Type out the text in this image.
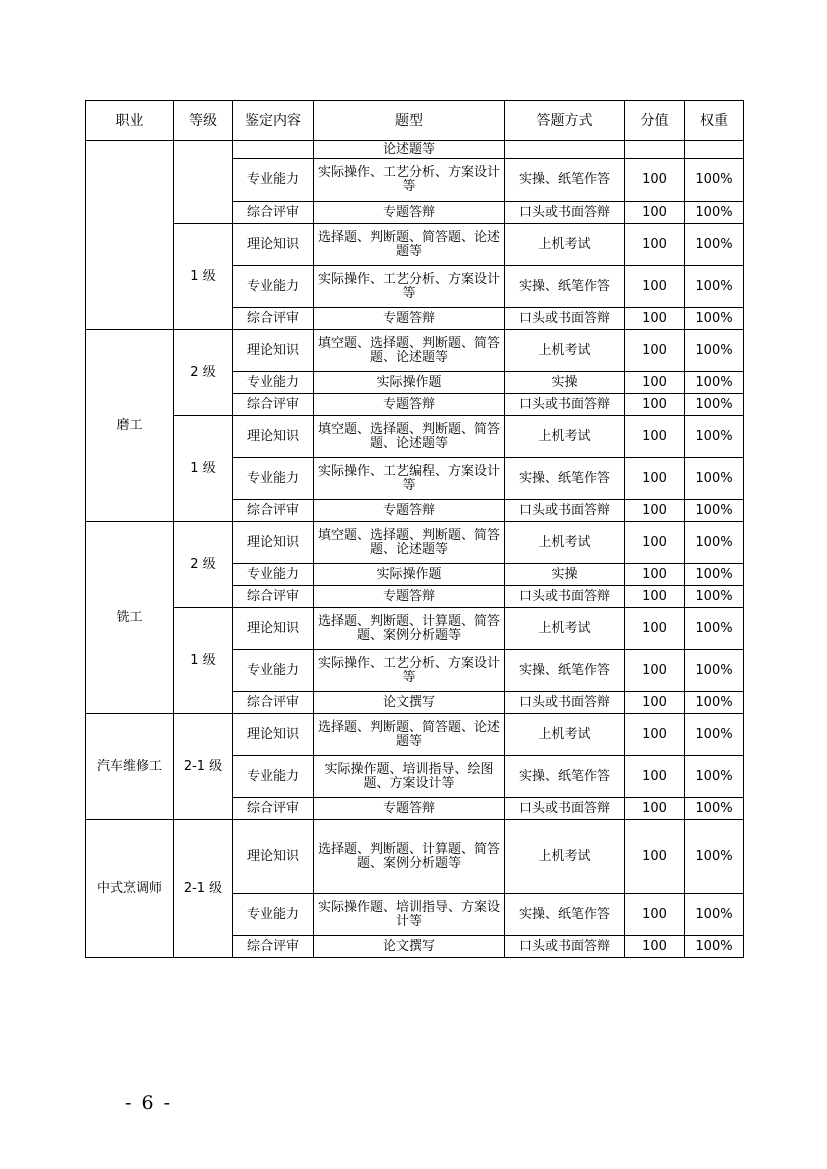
职业	等级	鉴定内容	题型	答题方式	分值	权重
			论述题等			
		专业能力	实际操作、工艺分析、方案设计等	实操、纸笔作答	100	100%
		综合评审	专题答辩	口头或书面答辩	100	100%
	1 级	理论知识	选择题、判断题、简答题、论述题等	上机考试	100	100%
		专业能力	实际操作、工艺分析、方案设计等	实操、纸笔作答	100	100%
		综合评审	专题答辩	口头或书面答辩	100	100%
磨工	2 级	理论知识	填空题、选择题、判断题、简答题、论述题等	上机考试	100	100%
		专业能力	实际操作题	实操	100	100%
		综合评审	专题答辩	口头或书面答辩	100	100%
	1 级	理论知识	填空题、选择题、判断题、简答题、论述题等	上机考试	100	100%
		专业能力	实际操作、工艺编程、方案设计等	实操、纸笔作答	100	100%
		综合评审	专题答辩	口头或书面答辩	100	100%
铣工	2 级	理论知识	填空题、选择题、判断题、简答题、论述题等	上机考试	100	100%
		专业能力	实际操作题	实操	100	100%
		综合评审	专题答辩	口头或书面答辩	100	100%
	1 级	理论知识	选择题、判断题、计算题、简答题、案例分析题等	上机考试	100	100%
		专业能力	实际操作、工艺分析、方案设计等	实操、纸笔作答	100	100%
		综合评审	论文撰写	口头或书面答辩	100	100%
汽车维修工	2-1 级	理论知识	选择题、判断题、简答题、论述题等	上机考试	100	100%
		专业能力	实际操作题、培训指导、绘图题、方案设计等	实操、纸笔作答	100	100%
		综合评审	专题答辩	口头或书面答辩	100	100%
中式烹调师	2-1 级	理论知识	选择题、判断题、计算题、简答题、案例分析题等	上机考试	100	100%
		专业能力	实际操作题、培训指导、方案设计等	实操、纸笔作答	100	100%
		综合评审	论文撰写	口头或书面答辩	100	100%
- 6 -
